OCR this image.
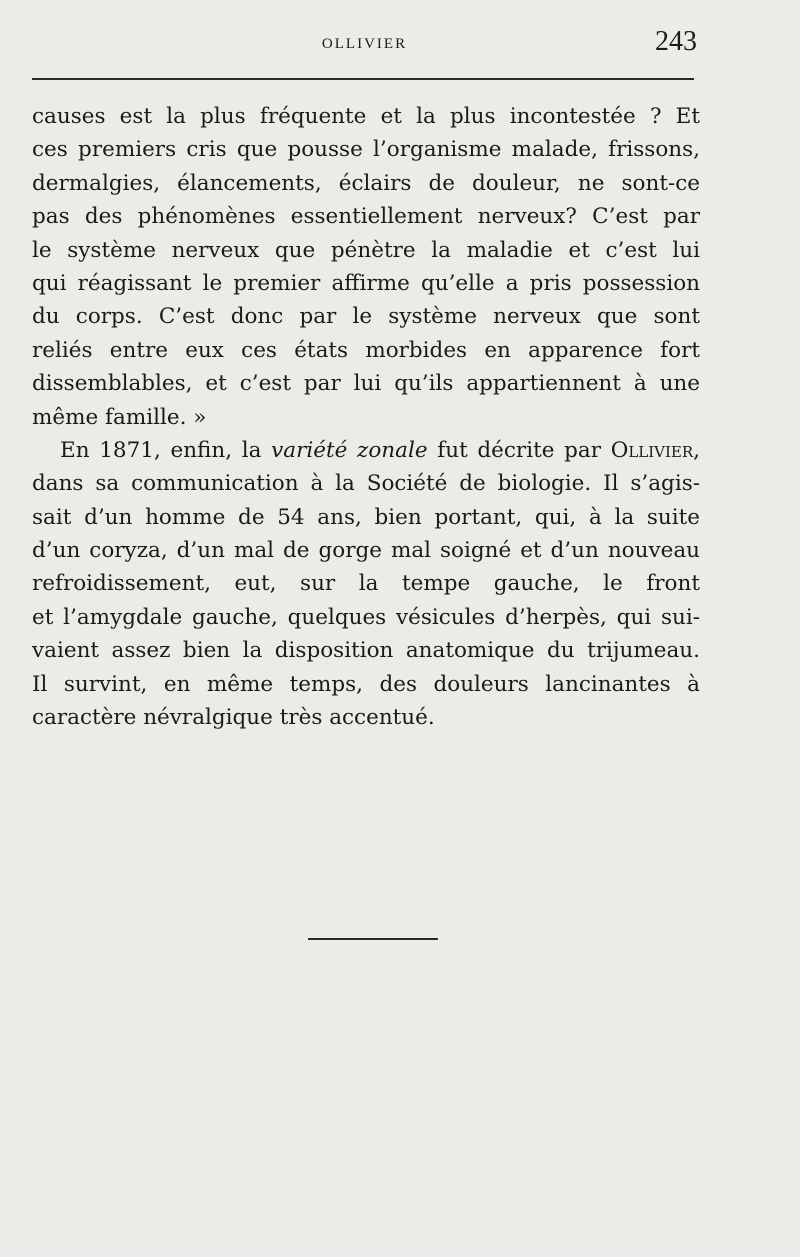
OLLIVIER	243
causes est la plus fréquente et la plus incontestée ? Et
ces premiers cris que pousse l’organisme malade, frissons,
dermalgies, élancements, éclairs de douleur, ne sont-ce
pas des phénomènes essentiellement nerveux? C’est par
le système nerveux que pénètre la maladie et c’est lui
qui réagissant le premier affirme qu’elle a pris possession
du corps. C’est donc par le système nerveux que sont
reliés entre eux ces états morbides en apparence fort
dissemblables, et c’est par lui qu’ils appartiennent à une
même famille. »
En 1871, enfin, la variété zonale fut décrite par Ollivier,
dans sa communication à la Société de biologie. Il s’agis-
sait d’un homme de 54 ans, bien portant, qui, à la suite
d’un coryza, d’un mal de gorge mal soigné et d’un nouveau
refroidissement, eut, sur la tempe gauche, le front
et l’amygdale gauche, quelques vésicules d’herpès, qui sui-
vaient assez bien la disposition anatomique du trijumeau.
Il survint, en même temps, des douleurs lancinantes à
caractère névralgique très accentué.
